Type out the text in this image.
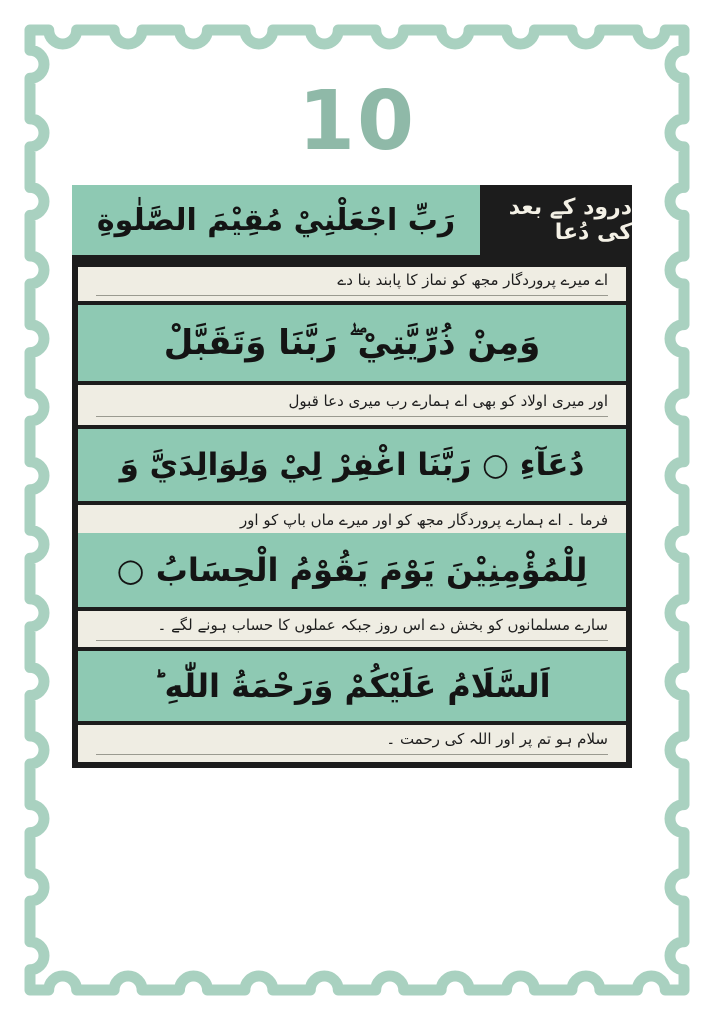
10
درود کے بعد کی دُعا
رَبِّ اجْعَلْنِيْ مُقِيْمَ الصَّلٰوةِ
اے میرے پروردگار مجھ کو نماز کا پابند بنا دے
وَمِنْ ذُرِّيَّتِيْ ۖ رَبَّنَا وَتَقَبَّلْ
اور میری اولاد کو بھی اے ہمارے رب میری دعا قبول
دُعَآءِ ○ رَبَّنَا اغْفِرْ لِيْ وَلِوَالِدَيَّ وَ
فرما ۔ اے ہمارے پروردگار مجھ کو اور میرے ماں باپ کو اور
لِلْمُؤْمِنِيْنَ يَوْمَ يَقُوْمُ الْحِسَابُ ○
سارے مسلمانوں کو بخش دے اس روز جبکہ عملوں کا حساب ہونے لگے ۔
اَلسَّلَامُ عَلَيْكُمْ وَرَحْمَةُ اللّٰهِ ؕ
سلام ہو تم پر اور اللہ کی رحمت ۔
